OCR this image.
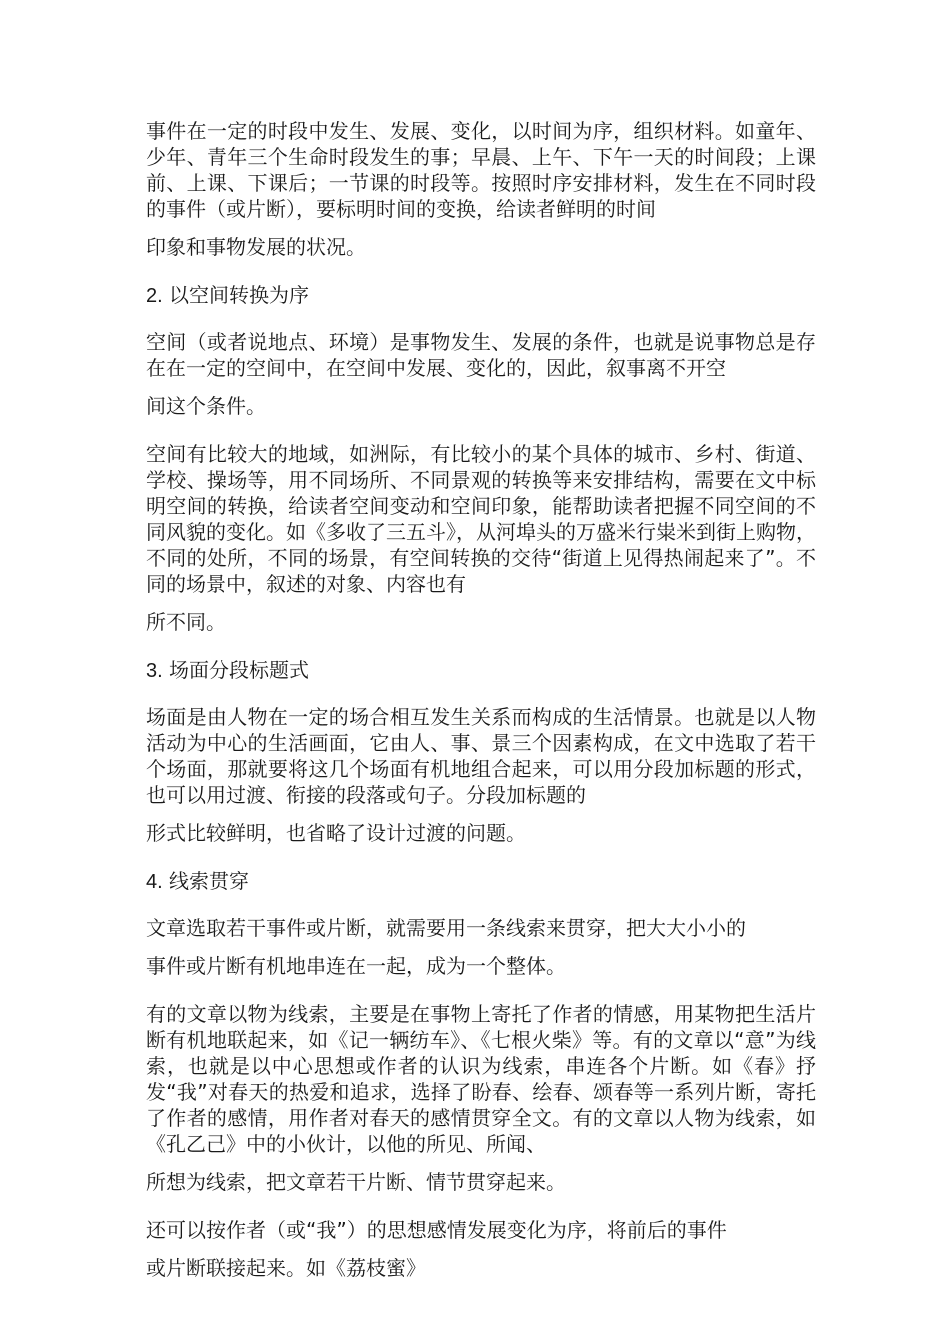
事件在一定的时段中发生、发展、变化，以时间为序，组织材料。如童年、少年、青年三个生命时段发生的事；早晨、上午、下午一天的时间段；上课前、上课、下课后；一节课的时段等。按照时序安排材料，发生在不同时段的事件（或片断），要标明时间的变换，给读者鲜明的时间
印象和事物发展的状况。

2. 以空间转换为序

空间（或者说地点、环境）是事物发生、发展的条件，也就是说事物总是存在在一定的空间中，在空间中发展、变化的，因此，叙事离不开空
间这个条件。

空间有比较大的地域，如洲际，有比较小的某个具体的城市、乡村、街道、学校、操场等，用不同场所、不同景观的转换等来安排结构，需要在文中标明空间的转换，给读者空间变动和空间印象，能帮助读者把握不同空间的不同风貌的变化。如《多收了三五斗》，从河埠头的万盛米行粜米到街上购物，不同的处所，不同的场景，有空间转换的交待“街道上见得热闹起来了”。不同的场景中，叙述的对象、内容也有
所不同。

3. 场面分段标题式

场面是由人物在一定的场合相互发生关系而构成的生活情景。也就是以人物活动为中心的生活画面，它由人、事、景三个因素构成，在文中选取了若干个场面，那就要将这几个场面有机地组合起来，可以用分段加标题的形式，也可以用过渡、衔接的段落或句子。分段加标题的
形式比较鲜明，也省略了设计过渡的问题。

4. 线索贯穿

文章选取若干事件或片断，就需要用一条线索来贯穿，把大大小小的
事件或片断有机地串连在一起，成为一个整体。

有的文章以物为线索，主要是在事物上寄托了作者的情感，用某物把生活片断有机地联起来，如《记一辆纺车》、《七根火柴》等。有的文章以“意”为线索，也就是以中心思想或作者的认识为线索，串连各个片断。如《春》抒发“我”对春天的热爱和追求，选择了盼春、绘春、颂春等一系列片断，寄托了作者的感情，用作者对春天的感情贯穿全文。有的文章以人物为线索，如《孔乙己》中的小伙计，以他的所见、所闻、
所想为线索，把文章若干片断、情节贯穿起来。

还可以按作者（或“我”）的思想感情发展变化为序，将前后的事件
或片断联接起来。如《荔枝蜜》
